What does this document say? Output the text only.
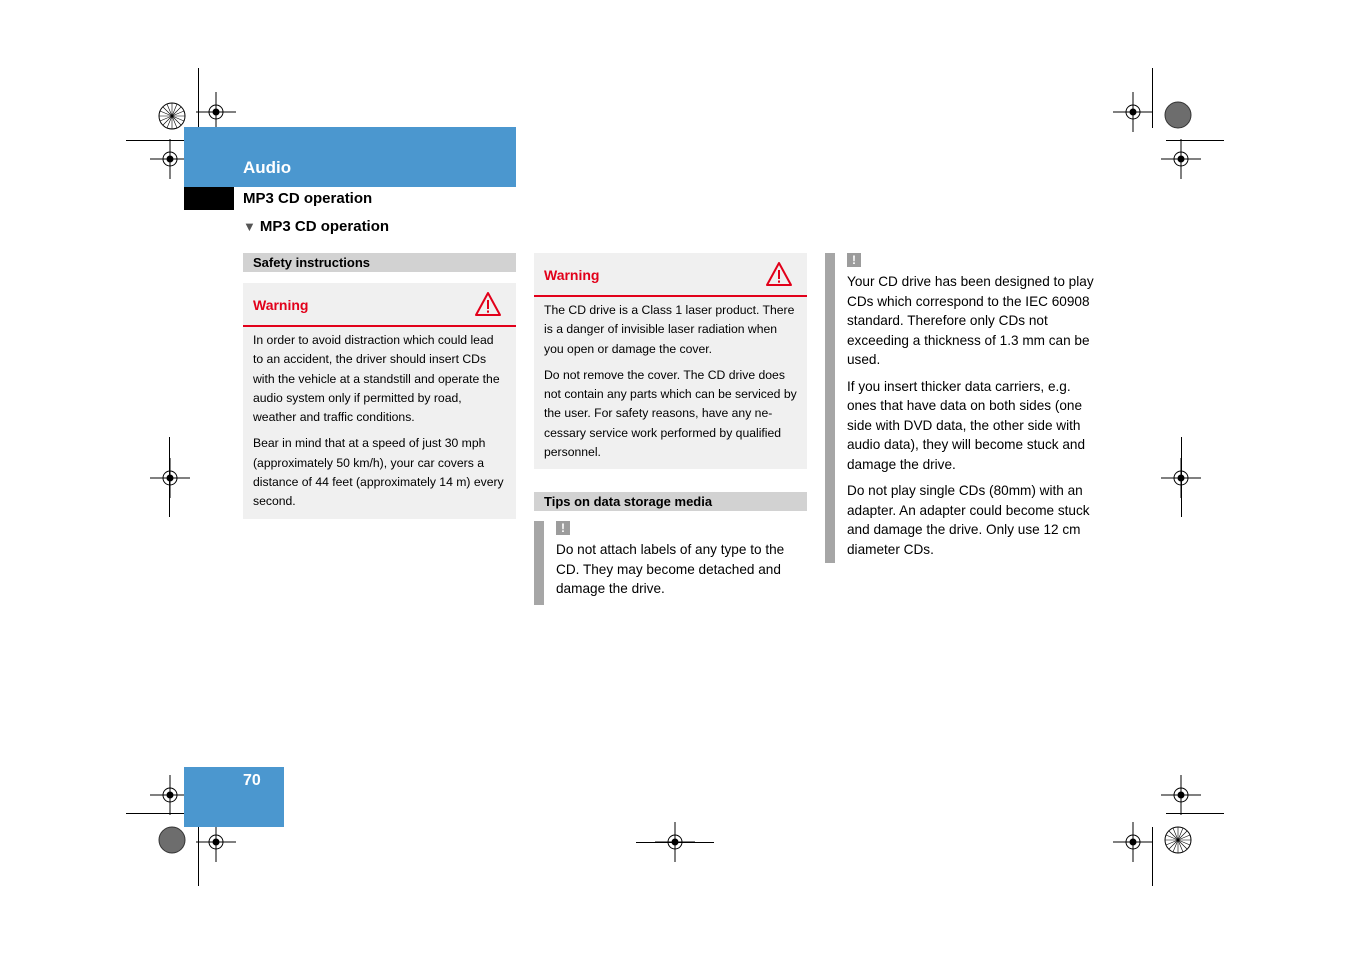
Audio
MP3 CD operation
▼ MP3 CD operation
Safety instructions
Warning

In order to avoid distraction which could lead to an accident, the driver should insert CDs with the vehicle at a standstill and operate the audio system only if permitted by road, weather and traffic conditions.

Bear in mind that at a speed of just 30 mph (approximately 50 km/h), your car covers a distance of 44 feet (approximately 14 m) every second.

Warning

The CD drive is a Class 1 laser product. There is a danger of invisible laser radiation when you open or damage the cover.

Do not remove the cover. The CD drive does not contain any parts which can be serviced by the user. For safety reasons, have any ne-cessary service work performed by qualified personnel.

Tips on data storage media
!

Do not attach labels of any type to the CD. They may become detached and damage the drive.

!

Your CD drive has been designed to play CDs which correspond to the IEC 60908 standard. Therefore only CDs not exceeding a thickness of 1.3 mm can be used.

If you insert thicker data carriers, e.g. ones that have data on both sides (one side with DVD data, the other side with audio data), they will become stuck and damage the drive.

Do not play single CDs (80mm) with an adapter. An adapter could become stuck and damage the drive. Only use 12 cm diameter CDs.

70
